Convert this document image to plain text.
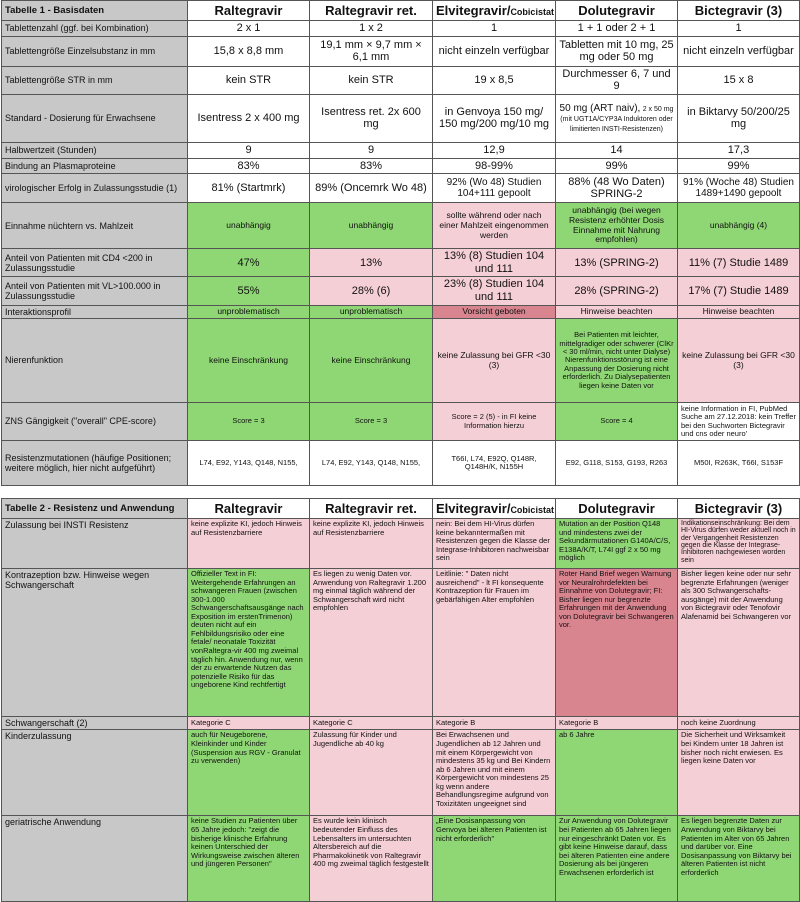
Tabelle 1 - Basisdaten	Raltegravir	Raltegravir ret.	Elvitegravir/Cobicistat	Dolutegravir	Bictegravir (3)
Tablettenzahl (ggf. bei Kombination)	2 x 1	1 x 2	1	1 + 1 oder 2 + 1	1
Tablettengröße Einzelsubstanz in mm	15,8 x 8,8 mm	19,1 mm × 9,7 mm × 6,1 mm	nicht einzeln verfügbar	Tabletten mit 10 mg, 25 mg oder 50 mg	nicht einzeln verfügbar
Tablettengröße STR in mm	kein STR	kein STR	19 x 8,5	Durchmesser 6, 7 und 9	15 x 8
Standard - Dosierung für Erwachsene	Isentress 2 x 400 mg	Isentress ret. 2x 600 mg	in Genvoya 150 mg/ 150 mg/200 mg/10 mg	50 mg (ART naiv), 2 x 50 mg (mit UGT1A/CYP3A Induktoren oder limitierten INSTI-Resistenzen)	in Biktarvy 50/200/25 mg
Halbwertzeit (Stunden)	9	9	12,9	14	17,3
Bindung an Plasmaproteine	83%	83%	98-99%	99%	99%
virologischer Erfolg in Zulassungsstudie (1)	81% (Startmrk)	89% (Oncemrk Wo 48)	92% (Wo 48) Studien 104+111 gepoolt	88% (48 Wo Daten) SPRING-2	91% (Woche 48) Studien 1489+1490 gepoolt
Einnahme nüchtern vs. Mahlzeit	unabhängig	unabhängig	sollte während oder nach einer Mahlzeit eingenommen werden	unabhängig (bei wegen Resistenz erhöhter Dosis Einnahme mit Nahrung empfohlen)	unabhängig (4)
Anteil von Patienten mit CD4 <200 in Zulassungsstudie	47%	13%	13% (8) Studien 104 und 111	13% (SPRING-2)	11% (7) Studie 1489
Anteil von Patienten mit VL>100.000 in Zulassungsstudie	55%	28% (6)	23% (8) Studien 104 und 111	28% (SPRING-2)	17% (7) Studie 1489
Interaktionsprofil	unproblematisch	unproblematisch	Vorsicht geboten	Hinweise beachten	Hinweise beachten
Nierenfunktion	keine Einschränkung	keine Einschränkung	keine Zulassung bei GFR <30 (3)	Bei Patienten mit leichter, mittelgradiger oder schwerer (ClKr < 30 ml/min, nicht unter Dialyse) Nierenfunktionsstörung ist eine Anpassung der Dosierung nicht erforderlich. Zu Dialysepatienten liegen keine Daten vor	keine Zulassung bei GFR <30 (3)
ZNS Gängigkeit ("overall" CPE-score)	Score = 3	Score = 3	Score = 2 (5) - in FI keine Information hierzu	Score = 4	keine Information in FI, PubMed Suche am 27.12.2018: kein Treffer bei den Suchworten Bictegravir und cns oder neuro'
Resistenzmutationen (häufige Positionen; weitere möglich, hier nicht aufgeführt)	L74, E92, Y143, Q148, N155,	L74, E92, Y143, Q148, N155,	T66I, L74, E92Q, Q148R, Q148H/K, N155H	E92, G118, S153, G193, R263	M50I, R263K, T66I, S153F
Tabelle 2 - Resistenz und Anwendung	Raltegravir	Raltegravir ret.	Elvitegravir/Cobicistat	Dolutegravir	Bictegravir (3)
Zulassung bei INSTI Resistenz	keine explizite KI, jedoch Hinweis auf Resistenzbarriere	keine explizite KI, jedoch Hinweis auf Resistenzbarriere	nein: Bei dem HI-Virus dürfen keine bekanntermaßen mit Resistenzen gegen die Klasse der Integrase-Inhibitoren nachweisbar sein	Mutation an der Position Q148 und mindestens zwei der Sekundärmutationen G140A/C/S, E138A/K/T, L74I ggf 2 x 50 mg möglich	Indikationseinschränkung: Bei dem HI-Virus dürfen weder aktuell noch in der Vergangenheit Resistenzen gegen die Klasse der Integrase-Inhibitoren nachgewiesen worden sein
Kontrazeption bzw. Hinweise wegen Schwangerschaft	Offizieller Text in FI: Weitergehende Erfahrungen an schwangeren Frauen (zwischen 300-1.000 Schwangerschaftsausgänge nach Exposition im erstenTrimenon) deuten nicht auf ein Fehlbildungsrisiko oder eine fetale/ neonatale Toxizität vonRaltegra-vir 400 mg zweimal täglich hin. Anwendung nur, wenn der zu erwartende Nutzen das potenzielle Risiko für das ungeborene Kind rechtfertigt	Es liegen zu wenig Daten vor. Anwendung von Raltegravir 1.200 mg einmal täglich während der Schwangerschaft wird nicht empfohlen	Leitlinie: " Daten nicht ausreichend" - lt FI konsequente Kontrazeption für Frauen im gebärfähigen Alter empfohlen	Roter Hand Brief wegen Warnung vor Neuralrohrdefekten bei Einnahme von Dolutegravir; FI: Bisher liegen nur begrenzte Erfahrungen mit der Anwendung von Dolutegravir bei Schwangeren vor.	Bisher liegen keine oder nur sehr begrenzte Erfahrungen (weniger als 300 Schwangerschafts-ausgänge) mit der Anwendung von Bictegravir oder Tenofovir Alafenamid bei Schwangeren vor
Schwangerschaft (2)	Kategorie C	Kategorie C	Kategorie B	Kategorie B	noch keine Zuordnung
Kinderzulassung	auch für Neugeborene, Kleinkinder und Kinder (Suspension aus RGV - Granulat zu verwenden)	Zulassung für Kinder und Jugendliche ab 40 kg	Bei Erwachsenen und Jugendlichen ab 12 Jahren und mit einem Körpergewicht von mindestens 35 kg und Bei Kindern ab 6 Jahren und mit einem Körpergewicht von mindestens 25 kg wenn andere Behandlungsregime aufgrund von Toxizitäten ungeeignet sind	ab 6 Jahre	Die Sicherheit und Wirksamkeit bei Kindern unter 18 Jahren ist bisher noch nicht erwiesen. Es liegen keine Daten vor
geriatrische Anwendung	keine Studien zu Patienten über 65 Jahre jedoch: "zeigt die bisherige klinische Erfahrung keinen Unterschied der Wirkungsweise zwischen älteren und jüngeren Personen"	Es wurde kein klinisch bedeutender Einfluss des Lebensalters im untersuchten Altersbereich auf die Pharmakokinetik von Raltegravir 400 mg zweimal täglich festgestellt	„Eine Dosisanpassung von Genvoya bei älteren Patienten ist nicht erforderlich"	Zur Anwendung von Dolutegravir bei Patienten ab 65 Jahren liegen nur eingeschränkt Daten vor. Es gibt keine Hinweise darauf, dass bei älteren Patienten eine andere Dosierung als bei jüngeren Erwachsenen erforderlich ist	Es liegen begrenzte Daten zur Anwendung von Biktarvy bei Patienten im Alter von 65 Jahren und darüber vor. Eine Dosisanpassung von Biktarvy bei älteren Patienten ist nicht erforderlich
